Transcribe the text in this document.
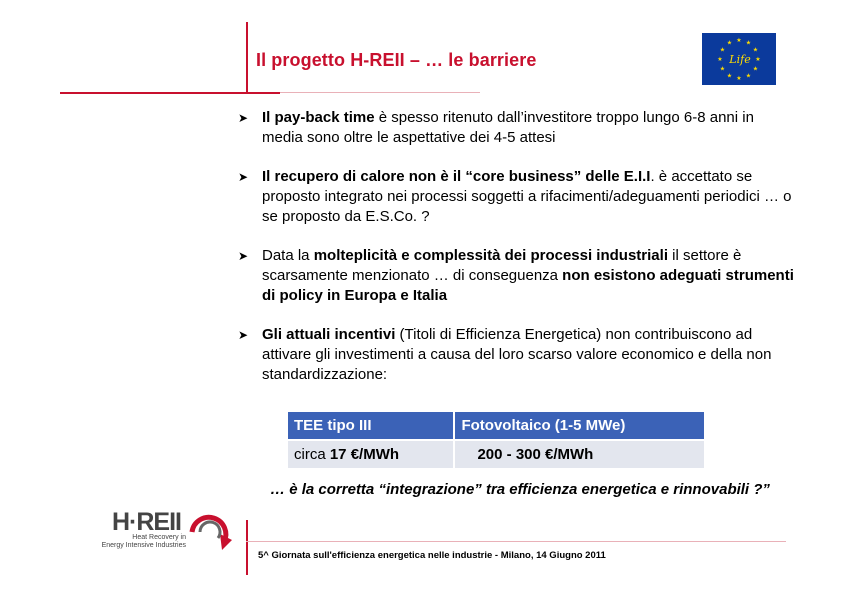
Il progetto H-REII – … le barriere
★ ★
★
★
★
★
★
★
★
★
★
★
Life
➤ Il pay-back time è spesso ritenuto dall’investitore troppo lungo 6-8 anni in media sono oltre le aspettative dei 4-5 attesi
➤ Il recupero di calore non è il “core business” delle E.I.I. è accettato se proposto integrato nei processi soggetti a rifacimenti/adeguamenti periodici … o se proposto da E.S.Co. ?
➤ Data la molteplicità e complessità dei processi industriali il settore è scarsamente menzionato … di conseguenza non esistono adeguati strumenti di policy in Europa e Italia
➤ Gli attuali incentivi (Titoli di Efficienza Energetica) non contribuiscono ad attivare gli investimenti a causa del loro scarso valore economico e della non standardizzazione:
TEE tipo III	Fotovoltaico (1-5 MWe)
circa 17 €/MWh	200 - 300 €/MWh
… è la corretta “integrazione” tra efficienza energetica e rinnovabili ?”
H·REII
Heat Recovery in
Energy Intensive Industries
5^ Giornata sull'efficienza energetica nelle industrie - Milano, 14 Giugno 2011
